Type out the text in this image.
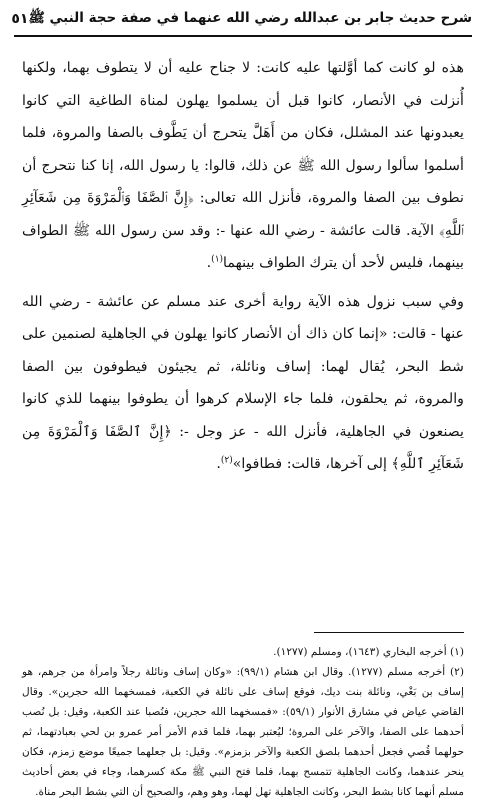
شرح حديث جابر بن عبدالله رضي الله عنهما في صفة حجة النبي ﷺ
٥١

هذه لو كانت كما أوَّلتها عليه كانت: لا جناح عليه أن لا يتطوف بهما، ولكنها أُنزلت في الأنصار، كانوا قبل أن يسلموا يهلون لمناة الطاغية التي كانوا يعبدونها عند المشلل، فكان من أَهَلَّ يتحرج أن يَطَّوف بالصفا والمروة، فلما أسلموا سألوا رسول الله ﷺ عن ذلك، قالوا: يا رسول الله، إنا كنا نتحرج أن نطوف بين الصفا والمروة، فأنزل الله تعالى: ﴿إِنَّ ٱلصَّفَا وَٱلْمَرْوَةَ مِن شَعَآئِرِ ٱللَّهِ﴾ الآية. قالت عائشة - رضي الله عنها -: وقد سن رسول الله ﷺ الطواف بينهما، فليس لأحد أن يترك الطواف بينهما$^{(١)}$.

وفي سبب نزول هذه الآية رواية أخرى عند مسلم عن عائشة - رضي الله عنها - قالت: «إنما كان ذاك أن الأنصار كانوا يهلون في الجاهلية لصنمين على شط البحر، يُقال لهما: إساف ونائلة، ثم يجيئون فيطوفون بين الصفا والمروة، ثم يحلقون، فلما جاء الإسلام كرهوا أن يطوفوا بينهما للذي كانوا يصنعون في الجاهلية، فأنزل الله - عز وجل -: ﴿إِنَّ ٱلصَّفَا وَٱلْمَرْوَةَ مِن شَعَآئِرِ ٱللَّهِ﴾ إلى آخرها، قالت: فطافوا»$^{(٢)}$.

(١) أخرجه البخاري (١٦٤٣)، ومسلم (١٢٧٧).

(٢) أخرجه مسلم (١٢٧٧). وقال ابن هشام (٩٩/١): «وكان إساف ونائلة رجلاً وامرأة من جرهم، هو إساف بن بَغْي، ونائلة بنت ديك، فوقع إساف على نائلة في الكعبة، فمسخهما الله حجرين». وقال القاضي عياض في مشارق الأنوار (٥٩/١): «فمسخهما الله حجرين، فنُصبا عند الكعبة، وقيل: بل نُصب أحدهما على الصفا، والآخر على المروة؛ ليُعتبر بهما، فلما قدم الأمر أمر عمرو بن لحي بعبادتهما، ثم حولهما قُصي فجعل أحدهما بلصق الكعبة والآخر بزمزم». وقيل: بل جعلهما جميعًا موضع زمزم، فكان ينحر عندهما، وكانت الجاهلية تتمسح بهما، فلما فتح النبي ﷺ مكة كسرهما، وجاء في بعض أحاديث مسلم أنهما كانا بشط البحر، وكانت الجاهلية تهل لهما، وهو وهم، والصحيح أن التي بشط البحر مناة.
